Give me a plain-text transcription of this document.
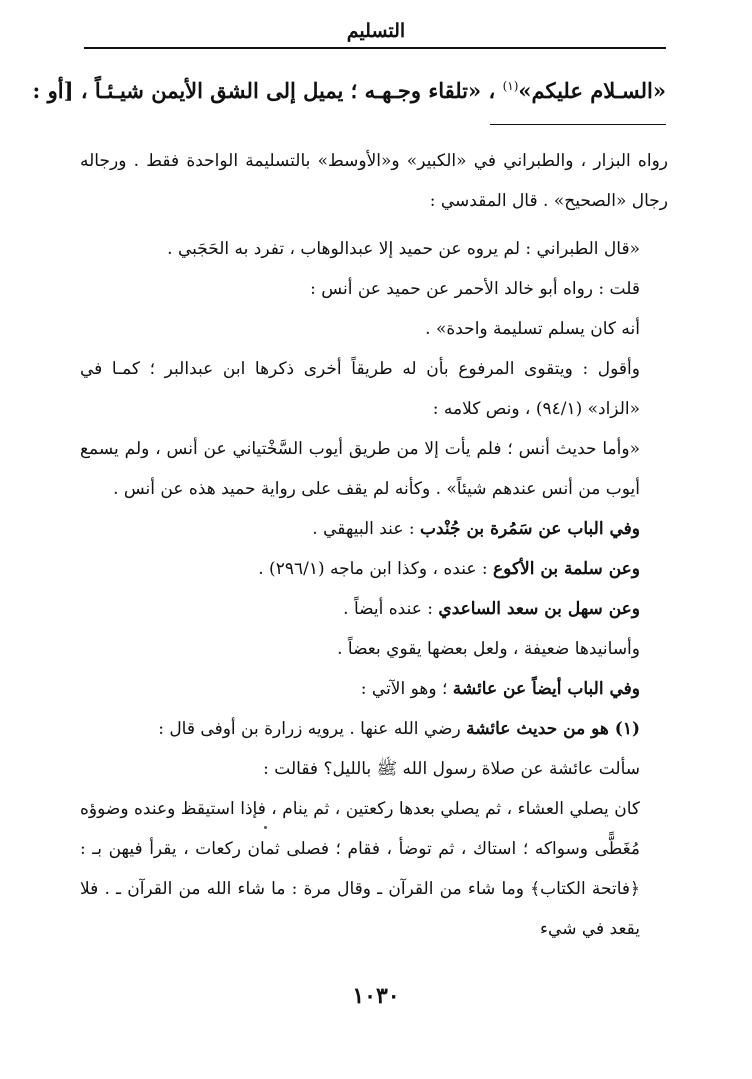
التسليم
«السـلام عليكم»$^{(١)}$ ، «تلقاء وجـهـه ؛ يميل إلى الشق الأيمن شيـئـاً ، [أو :

رواه البزار ، والطبراني في «الكبير» و«الأوسط» بالتسليمة الواحدة فقط . ورجاله رجال «الصحيح» . قال المقدسي :

«قال الطبراني : لم يروه عن حميد إلا عبدالوهاب ، تفرد به الحَجَبي .

قلت : رواه أبو خالد الأحمر عن حميد عن أنس :

أنه كان يسلم تسليمة واحدة» .

وأقول : ويتقوى المرفوع بأن له طريقاً أخرى ذكرها ابن عبدالبر ؛ كمـا في «الزاد» (٩٤/١) ، ونص كلامه :

«وأما حديث أنس ؛ فلم يأت إلا من طريق أيوب السَّخْتياني عن أنس ، ولم يسمع أيوب من أنس عندهم شيئاً» . وكأنه لم يقف على رواية حميد هذه عن أنس .

وفي الباب عن سَمُرة بن جُنْدب : عند البيهقي .

وعن سلمة بن الأكوع : عنده ، وكذا ابن ماجه (٢٩٦/١) .

وعن سهل بن سعد الساعدي : عنده أيضاً .

وأسانيدها ضعيفة ، ولعل بعضها يقوي بعضاً .

وفي الباب أيضاً عن عائشة ؛ وهو الآتي :

(١) هو من حديث عائشة رضي الله عنها . يرويه زرارة بن أوفى قال :

سألت عائشة عن صلاة رسول الله ﷺ بالليل؟ فقالت :

كان يصلي العشاء ، ثم يصلي بعدها ركعتين ، ثم ينام ، فإذا استيقظ وعنده وضوؤه مُغَطًّى وسواكه ؛ استاك ، ثم توضأ ، فقام ؛ فصلى ثمان ركعات ، يقرأ فيهن بـ : ﴿فاتحة الكتاب﴾ وما شاء من القرآن ـ وقال مرة : ما شاء الله من القرآن ـ . فلا يقعد في شيء

١٠٣٠
